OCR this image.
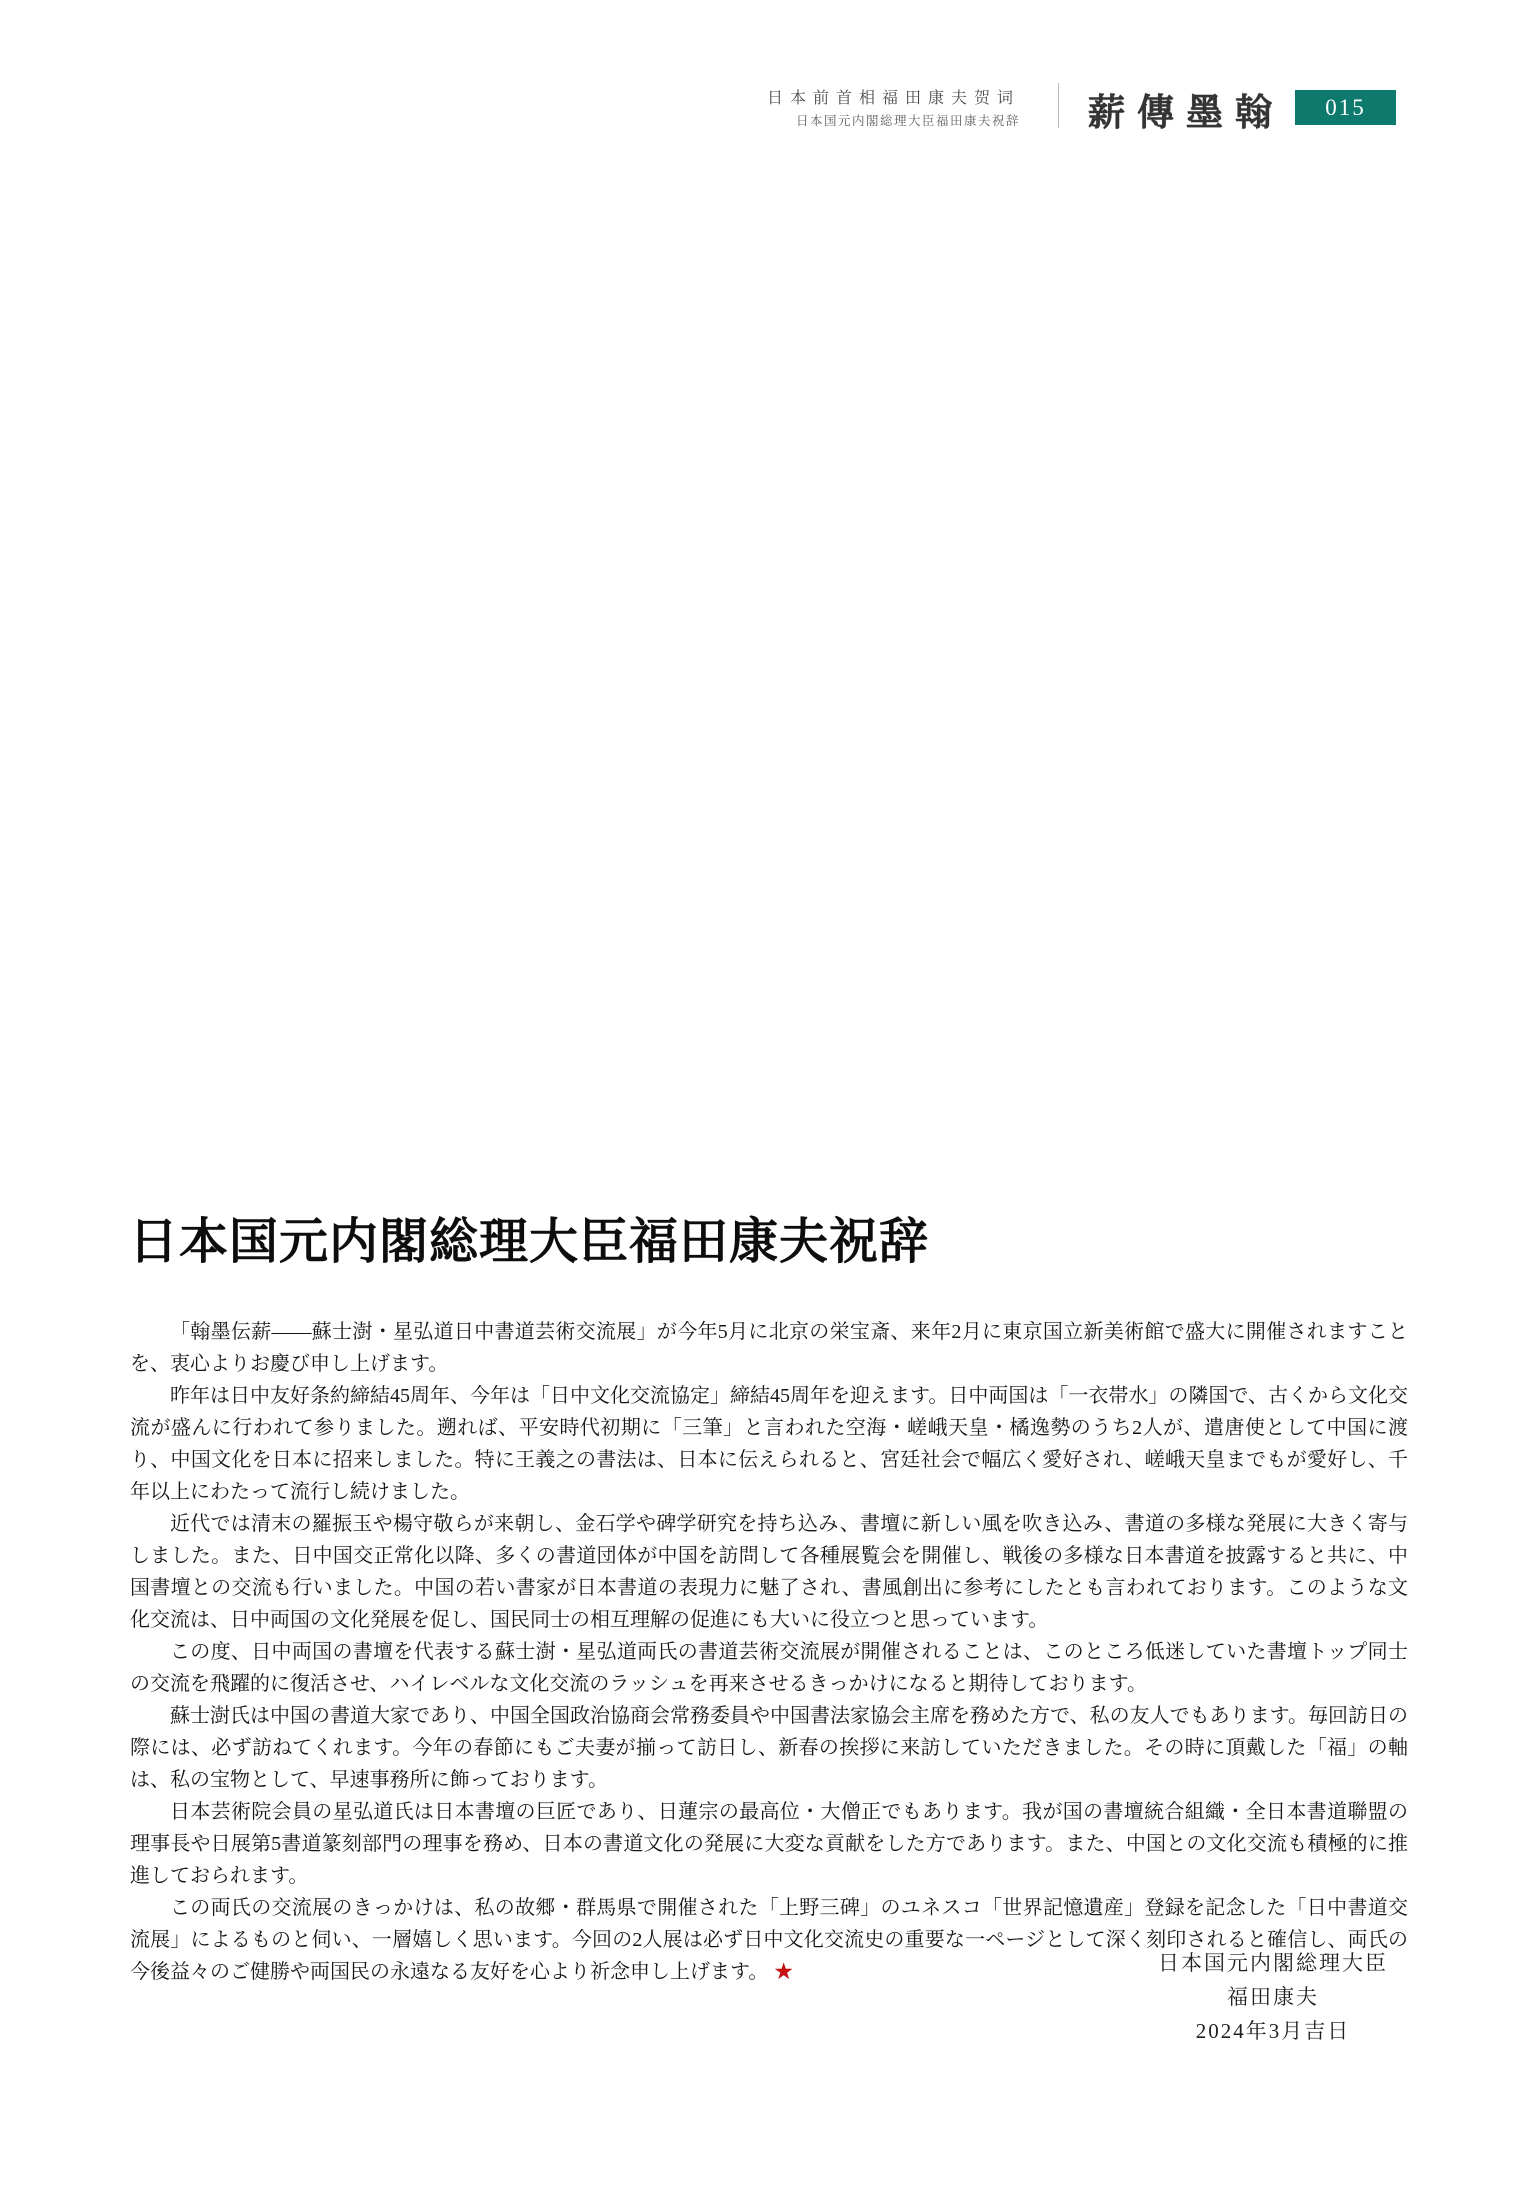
日本前首相福田康夫贺词
日本国元内閣総理大臣福田康夫祝辞 薪傳墨翰	015
日本国元内閣総理大臣福田康夫祝辞

「翰墨伝薪——蘇士澍・星弘道日中書道芸術交流展」が今年5月に北京の栄宝斎、来年2月に東京国立新美術館で盛大に開催されますことを、衷心よりお慶び申し上げます。

昨年は日中友好条約締結45周年、今年は「日中文化交流協定」締結45周年を迎えます。日中両国は「一衣帯水」の隣国で、古くから文化交流が盛んに行われて参りました。遡れば、平安時代初期に「三筆」と言われた空海・嵯峨天皇・橘逸勢のうち2人が、遣唐使として中国に渡り、中国文化を日本に招来しました。特に王義之の書法は、日本に伝えられると、宮廷社会で幅広く愛好され、嵯峨天皇までもが愛好し、千年以上にわたって流行し続けました。

近代では清末の羅振玉や楊守敬らが来朝し、金石学や碑学研究を持ち込み、書壇に新しい風を吹き込み、書道の多様な発展に大きく寄与しました。また、日中国交正常化以降、多くの書道団体が中国を訪問して各種展覧会を開催し、戦後の多様な日本書道を披露すると共に、中国書壇との交流も行いました。中国の若い書家が日本書道の表現力に魅了され、書風創出に参考にしたとも言われております。このような文化交流は、日中両国の文化発展を促し、国民同士の相互理解の促進にも大いに役立つと思っています。

この度、日中両国の書壇を代表する蘇士澍・星弘道両氏の書道芸術交流展が開催されることは、このところ低迷していた書壇トップ同士の交流を飛躍的に復活させ、ハイレベルな文化交流のラッシュを再来させるきっかけになると期待しております。

蘇士澍氏は中国の書道大家であり、中国全国政治協商会常務委員や中国書法家協会主席を務めた方で、私の友人でもあります。毎回訪日の際には、必ず訪ねてくれます。今年の春節にもご夫妻が揃って訪日し、新春の挨拶に来訪していただきました。その時に頂戴した「福」の軸は、私の宝物として、早速事務所に飾っております。

日本芸術院会員の星弘道氏は日本書壇の巨匠であり、日蓮宗の最高位・大僧正でもあります。我が国の書壇統合組織・全日本書道聯盟の理事長や日展第5書道篆刻部門の理事を務め、日本の書道文化の発展に大変な貢献をした方であります。また、中国との文化交流も積極的に推進しておられます。

この両氏の交流展のきっかけは、私の故郷・群馬県で開催された「上野三碑」のユネスコ「世界記憶遺産」登録を記念した「日中書道交流展」によるものと伺い、一層嬉しく思います。今回の2人展は必ず日中文化交流史の重要な一ページとして深く刻印されると確信し、両氏の今後益々のご健勝や両国民の永遠なる友好を心より祈念申し上げます。 ★	日本国元内閣総理大臣
福田康夫
2024年3月吉日
